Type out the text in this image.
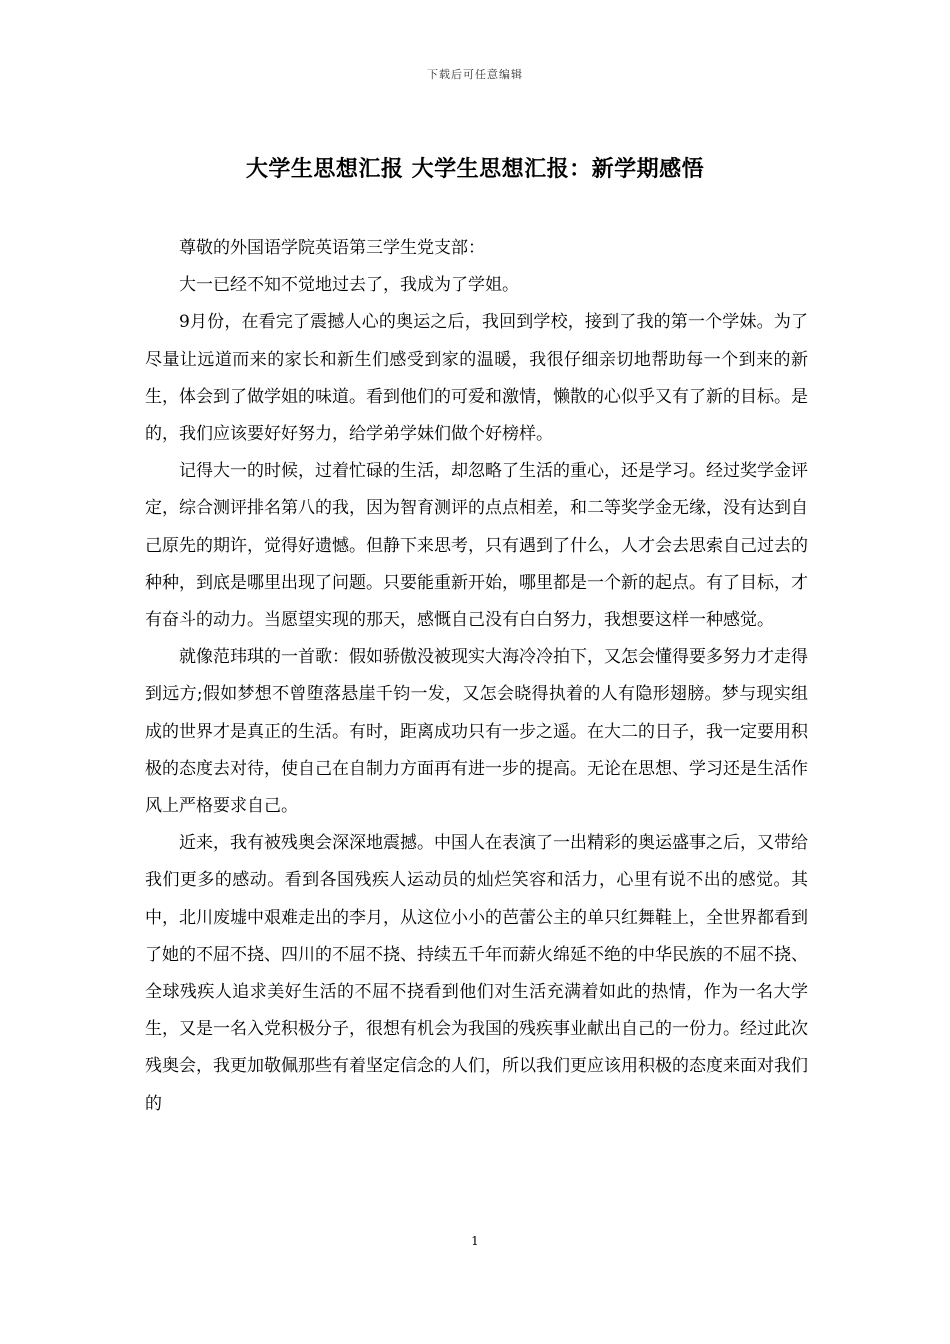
下载后可任意编辑
大学生思想汇报 大学生思想汇报：新学期感悟

尊敬的外国语学院英语第三学生党支部：

大一已经不知不觉地过去了，我成为了学姐。

9月份，在看完了震撼人心的奥运之后，我回到学校，接到了我的第一个学妹。为了尽量让远道而来的家长和新生们感受到家的温暖，我很仔细亲切地帮助每一个到来的新生，体会到了做学姐的味道。看到他们的可爱和激情，懒散的心似乎又有了新的目标。是的，我们应该要好好努力，给学弟学妹们做个好榜样。

记得大一的时候，过着忙碌的生活，却忽略了生活的重心，还是学习。经过奖学金评定，综合测评排名第八的我，因为智育测评的点点相差，和二等奖学金无缘，没有达到自己原先的期许，觉得好遗憾。但静下来思考，只有遇到了什么，人才会去思索自己过去的种种，到底是哪里出现了问题。只要能重新开始，哪里都是一个新的起点。有了目标，才有奋斗的动力。当愿望实现的那天，感慨自己没有白白努力，我想要这样一种感觉。

就像范玮琪的一首歌：假如骄傲没被现实大海冷冷拍下，又怎会懂得要多努力才走得到远方;假如梦想不曾堕落悬崖千钧一发，又怎会晓得执着的人有隐形翅膀。梦与现实组成的世界才是真正的生活。有时，距离成功只有一步之遥。在大二的日子，我一定要用积极的态度去对待，使自己在自制力方面再有进一步的提高。无论在思想、学习还是生活作风上严格要求自己。

近来，我有被残奥会深深地震撼。中国人在表演了一出精彩的奥运盛事之后，又带给我们更多的感动。看到各国残疾人运动员的灿烂笑容和活力，心里有说不出的感觉。其中，北川废墟中艰难走出的李月，从这位小小的芭蕾公主的单只红舞鞋上，全世界都看到了她的不屈不挠、四川的不屈不挠、持续五千年而薪火绵延不绝的中华民族的不屈不挠、全球残疾人追求美好生活的不屈不挠看到他们对生活充满着如此的热情，作为一名大学生，又是一名入党积极分子，很想有机会为我国的残疾事业献出自己的一份力。经过此次残奥会，我更加敬佩那些有着坚定信念的人们，所以我们更应该用积极的态度来面对我们的

1
